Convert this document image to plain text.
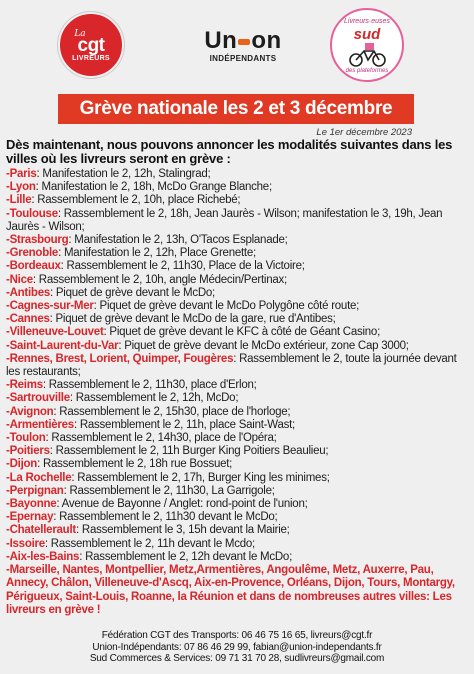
La
cgt
LIVREURS
Un on
INDÉPENDANTS
Livreurs·euses
sud
des plateformes
Grève nationale les 2 et 3 décembre
Le 1er décembre 2023
Dès maintenant, nous pouvons annoncer les modalités suivantes dans les villes où les livreurs seront en grève :
-Paris: Manifestation le 2, 12h, Stalingrad;
-Lyon: Manifestation le 2, 18h, McDo Grange Blanche;
-Lille: Rassemblement le 2, 10h, place Richebé;
-Toulouse: Rassemblement le 2, 18h, Jean Jaurès - Wilson; manifestation le 3, 19h, Jean Jaurès - Wilson;
-Strasbourg: Manifestation le 2, 13h, O'Tacos Esplanade;
-Grenoble: Manifestation le 2, 12h, Place Grenette;
-Bordeaux: Rassemblement le 2, 11h30, Place de la Victoire;
-Nice: Rassemblement le 2, 10h, angle Médecin/Pertinax;
-Antibes: Piquet de grève devant le McDo;
-Cagnes-sur-Mer: Piquet de grève devant le McDo Polygône côté route;
-Cannes: Piquet de grève devant le McDo de la gare, rue d'Antibes;
-Villeneuve-Louvet: Piquet de grève devant le KFC à côté de Géant Casino;
-Saint-Laurent-du-Var: Piquet de grève devant le McDo extérieur, zone Cap 3000;
-Rennes, Brest, Lorient, Quimper, Fougères: Rassemblement le 2, toute la journée devant les restaurants;
-Reims: Rassemblement le 2, 11h30, place d'Erlon;
-Sartrouville: Rassemblement le 2, 12h, McDo;
-Avignon: Rassemblement le 2, 15h30, place de l'horloge;
-Armentières: Rassemblement le 2, 11h, place Saint-Wast;
-Toulon: Rassemblement le 2, 14h30, place de l'Opéra;
-Poitiers: Rassemblement le 2, 11h Burger King Poitiers Beaulieu;
-Dijon: Rassemblement le 2, 18h rue Bossuet;
-La Rochelle: Rassemblement le 2, 17h, Burger King les minimes;
-Perpignan: Rassemblement le 2, 11h30, La Garrigole;
-Bayonne: Avenue de Bayonne / Anglet: rond-point de l'union;
-Epernay: Rassemblement le 2, 11h30 devant le McDo;
-Chatellerault: Rassemblement le 3, 15h devant la Mairie;
-Issoire: Rassemblement le 2, 11h devant le Mcdo;
-Aix-les-Bains: Rassemblement le 2, 12h devant le McDo;
-Marseille, Nantes, Montpellier, Metz,Armentières, Angoulême, Metz, Auxerre, Pau, Annecy, Châlon, Villeneuve-d'Ascq, Aix-en-Provence, Orléans, Dijon, Tours, Montargy, Périgueux, Saint-Louis, Roanne, la Réunion et dans de nombreuses autres villes: Les livreurs en grève !
Fédération CGT des Transports: 06 46 75 16 65, livreurs@cgt.fr
Union-Indépendants: 07 86 46 29 99, fabian@union-independants.fr
Sud Commerces & Services: 09 71 31 70 28, sudlivreurs@gmail.com
